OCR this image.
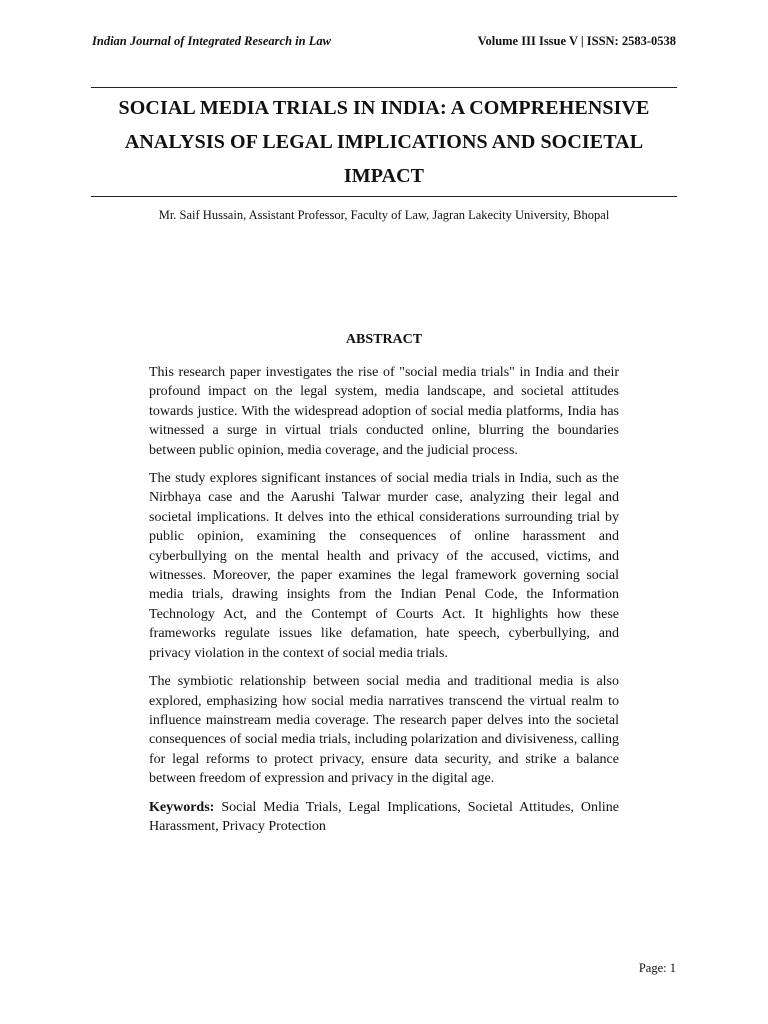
Indian Journal of Integrated Research in Law	Volume III Issue V | ISSN: 2583-0538
SOCIAL MEDIA TRIALS IN INDIA: A COMPREHENSIVE
ANALYSIS OF LEGAL IMPLICATIONS AND SOCIETAL
IMPACT
Mr. Saif Hussain, Assistant Professor, Faculty of Law, Jagran Lakecity University, Bhopal
ABSTRACT

This research paper investigates the rise of "social media trials" in India and their profound impact on the legal system, media landscape, and societal attitudes towards justice. With the widespread adoption of social media platforms, India has witnessed a surge in virtual trials conducted online, blurring the boundaries between public opinion, media coverage, and the judicial process.

The study explores significant instances of social media trials in India, such as the Nirbhaya case and the Aarushi Talwar murder case, analyzing their legal and societal implications. It delves into the ethical considerations surrounding trial by public opinion, examining the consequences of online harassment and cyberbullying on the mental health and privacy of the accused, victims, and witnesses. Moreover, the paper examines the legal framework governing social media trials, drawing insights from the Indian Penal Code, the Information Technology Act, and the Contempt of Courts Act. It highlights how these frameworks regulate issues like defamation, hate speech, cyberbullying, and privacy violation in the context of social media trials.

The symbiotic relationship between social media and traditional media is also explored, emphasizing how social media narratives transcend the virtual realm to influence mainstream media coverage. The research paper delves into the societal consequences of social media trials, including polarization and divisiveness, calling for legal reforms to protect privacy, ensure data security, and strike a balance between freedom of expression and privacy in the digital age.

Keywords: Social Media Trials, Legal Implications, Societal Attitudes, Online Harassment, Privacy Protection

Page: 1
